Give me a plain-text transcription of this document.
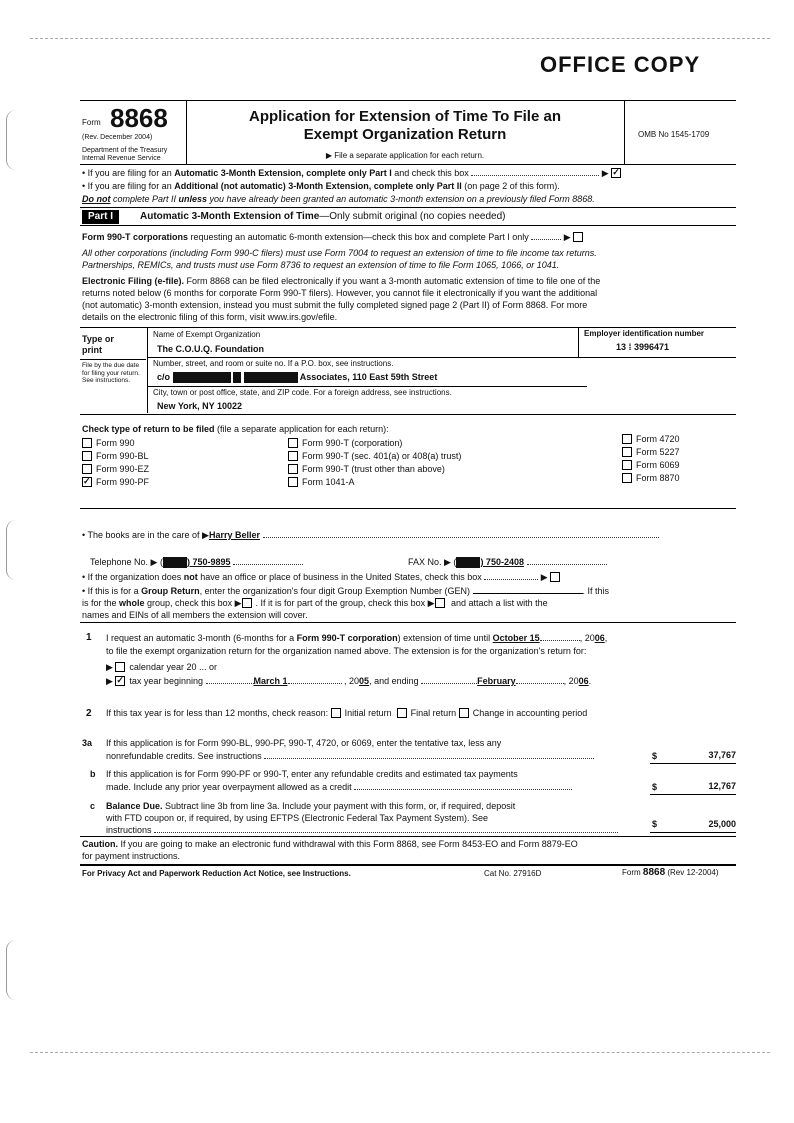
OFFICE COPY
Form 8868
(Rev. December 2004)
Department of the Treasury
Internal Revenue Service
Application for Extension of Time To File an
Exempt Organization Return
▶ File a separate application for each return.
OMB No 1545-1709
• If you are filing for an Automatic 3-Month Extension, complete only Part I and check this box	▶ ✓
• If you are filing for an Additional (not automatic) 3-Month Extension, complete only Part II (on page 2 of this form).
Do not complete Part II unless you have already been granted an automatic 3-month extension on a previously filed Form 8868.
Part I	Automatic 3-Month Extension of Time—Only submit original (no copies needed)
Form 990-T corporations requesting an automatic 6-month extension—check this box and complete Part I only	▶
All other corporations (including Form 990-C filers) must use Form 7004 to request an extension of time to file income tax returns.
Partnerships, REMICs, and trusts must use Form 8736 to request an extension of time to file Form 1065, 1066, or 1041.
Electronic Filing (e-file). Form 8868 can be filed electronically if you want a 3-month automatic extension of time to file one of the
returns noted below (6 months for corporate Form 990-T filers). However, you cannot file it electronically if you want the additional
(not automatic) 3-month extension, instead you must submit the fully completed signed page 2 (Part II) of Form 8868. For more
details on the electronic filing of this form, visit www.irs.gov/efile.
Type or
print
File by the due date for filing your return. See instructions.
Name of Exempt Organization
The C.O.U.Q. Foundation
Employer identification number
13 ⁞ 3996471
Number, street, and room or suite no. If a P.O. box, see instructions.
c/o	Associates, 110 East 59th Street
City, town or post office, state, and ZIP code. For a foreign address, see instructions.
New York, NY 10022
Check type of return to be filed (file a separate application for each return):
Form 990
Form 990-BL
Form 990-EZ
✓Form 990-PF
Form 990-T (corporation)
Form 990-T (sec. 401(a) or 408(a) trust)
Form 990-T (trust other than above)
Form 1041-A
Form 4720
Form 5227
Form 6069
Form 8870
• The books are in the care of ▶Harry Beller
Telephone No. ▶ (	) 750-9895	FAX No. ▶ (	) 750-2408
• If the organization does not have an office or place of business in the United States, check this box	▶
• If this is for a Group Return, enter the organization's four digit Group Exemption Number (GEN)	. If this
is for the whole group, check this box ▶ . If it is for part of the group, check this box ▶ and attach a list with the
names and EINs of all members the extension will cover.
1 I request an automatic 3-month (6-months for a Form 990-T corporation) extension of time until October 15	, 2006,
to file the exempt organization return for the organization named above. The extension is for the organization's return for:
▶ calendar year 20 ... or
▶ ✓tax year beginning	March 1	, 2005, and ending	February	, 2006.
2 If this tax year is for less than 12 months, check reason: Initial return Final return Change in accounting period
3a If this application is for Form 990-BL, 990-PF, 990-T, 4720, or 6069, enter the tentative tax, less any
nonrefundable credits. See instructions	$	37,767
b If this application is for Form 990-PF or 990-T, enter any refundable credits and estimated tax payments
made. Include any prior year overpayment allowed as a credit	$	12,767
c Balance Due. Subtract line 3b from line 3a. Include your payment with this form, or, if required, deposit
with FTD coupon or, if required, by using EFTPS (Electronic Federal Tax Payment System). See
instructions
$	25,000
Caution. If you are going to make an electronic fund withdrawal with this Form 8868, see Form 8453-EO and Form 8879-EO
for payment instructions.
For Privacy Act and Paperwork Reduction Act Notice, see Instructions.	Cat No. 27916D	Form 8868 (Rev 12-2004)
